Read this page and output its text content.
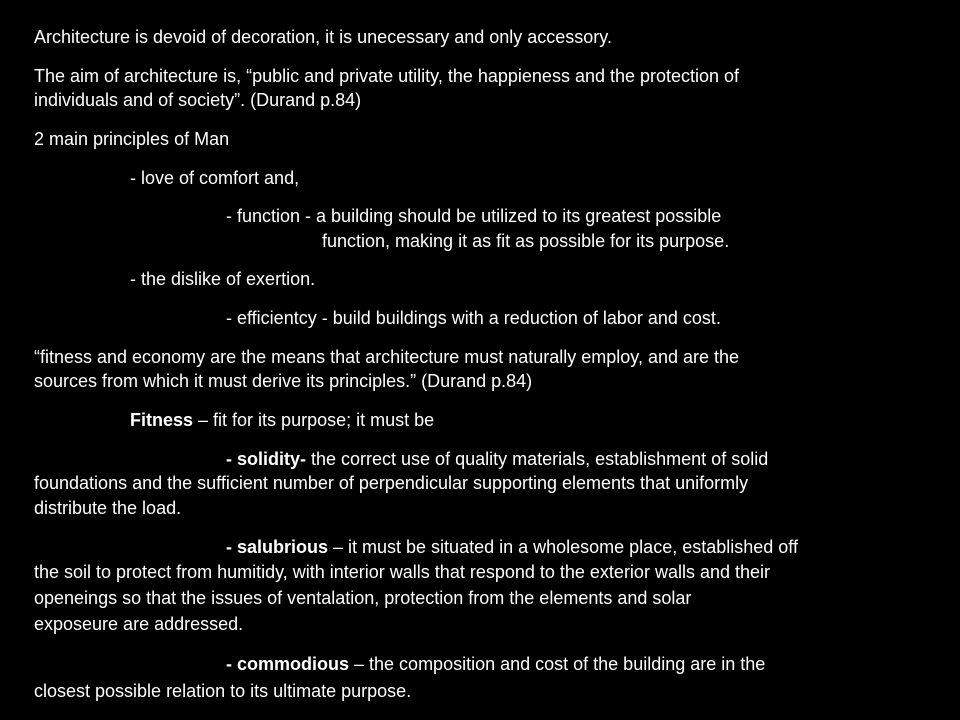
Architecture is devoid of decoration, it is unecessary and only accessory.
The aim of architecture is, “public and private utility, the happieness and the protection of
individuals and of society”. (Durand p.84)
2 main principles of Man
- love of comfort and,
- function - a building should be utilized to its greatest possible
function, making it as fit as possible for its purpose.
- the dislike of exertion.
- efficientcy - build buildings with a reduction of labor and cost.
“fitness and economy are the means that architecture must naturally employ, and are the
sources from which it must derive its principles.” (Durand p.84)
Fitness – fit for its purpose; it must be
- solidity- the correct use of quality materials, establishment of solid
foundations and the sufficient number of perpendicular supporting elements that uniformly
distribute the load.
- salubrious – it must be situated in a wholesome place, established off
the soil to protect from humitidy, with interior walls that respond to the exterior walls and their
openeings so that the issues of ventalation, protection from the elements and solar
exposeure are addressed.
- commodious – the composition and cost of the building are in the
closest possible relation to its ultimate purpose.
